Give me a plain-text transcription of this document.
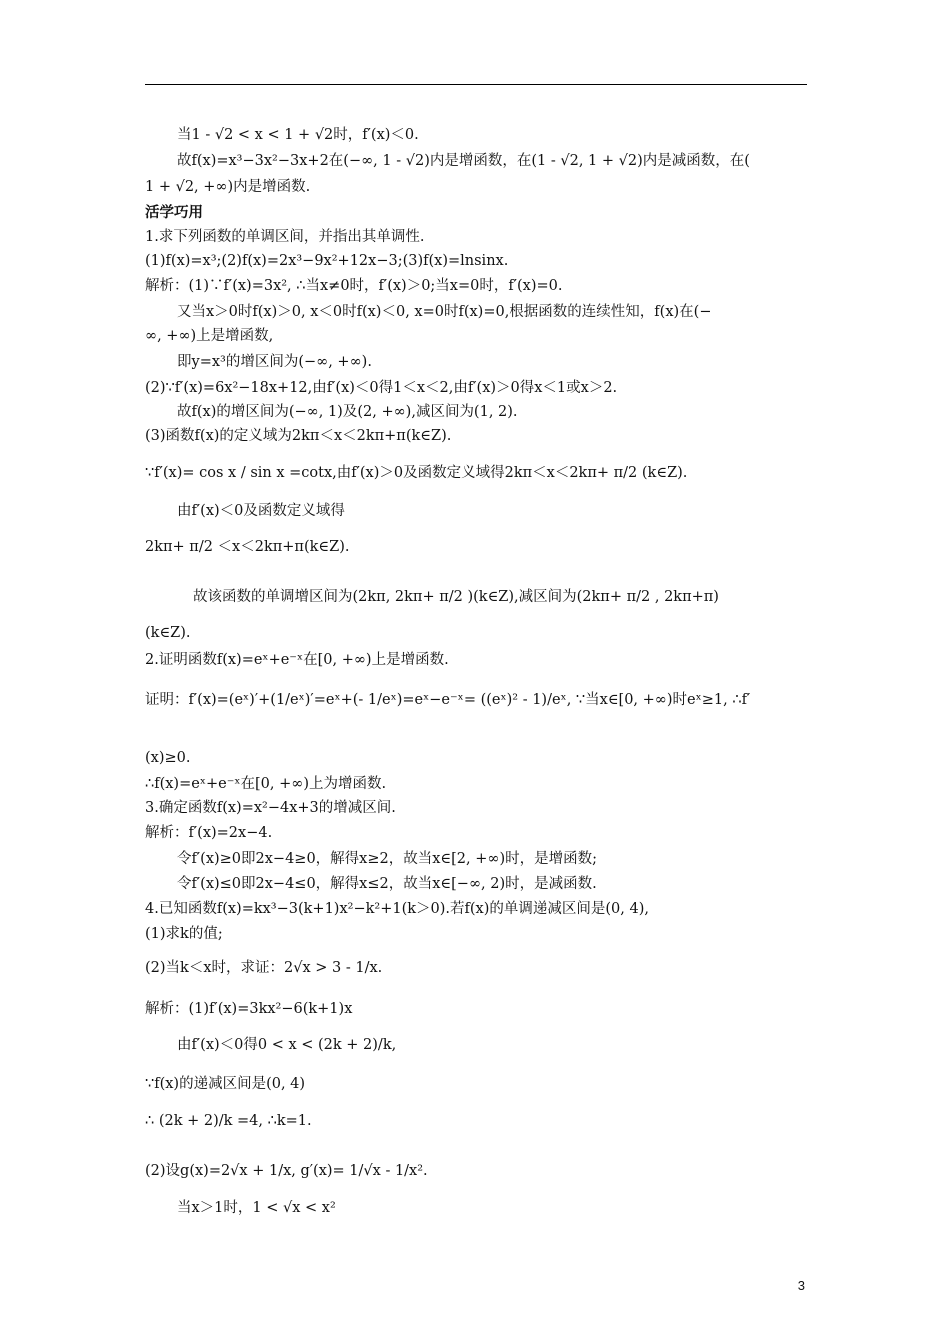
当1 - √2 < x < 1 + √2时，f′(x)＜0.
故f(x)=x³−3x²−3x+2在(−∞, 1 - √2)内是增函数，在(1 - √2, 1 + √2)内是减函数，在(
1 + √2, +∞)内是增函数.
活学巧用
1.求下列函数的单调区间，并指出其单调性.
(1)f(x)=x³;(2)f(x)=2x³−9x²+12x−3;(3)f(x)=lnsinx.
解析：(1)∵f′(x)=3x², ∴当x≠0时，f′(x)＞0;当x=0时，f′(x)=0.
又当x＞0时f(x)＞0, x＜0时f(x)＜0, x=0时f(x)=0,根据函数的连续性知，f(x)在(−
∞, +∞)上是增函数,
即y=x³的增区间为(−∞, +∞).
(2)∵f′(x)=6x²−18x+12,由f′(x)＜0得1＜x＜2,由f′(x)＞0得x＜1或x＞2.
故f(x)的增区间为(−∞, 1)及(2, +∞),减区间为(1, 2).
(3)函数f(x)的定义域为2kπ＜x＜2kπ+π(k∈Z).
∵f′(x)= cos x / sin x =cotx,由f′(x)＞0及函数定义域得2kπ＜x＜2kπ+ π/2 (k∈Z).
由f′(x)＜0及函数定义域得
2kπ+ π/2 ＜x＜2kπ+π(k∈Z).
故该函数的单调增区间为(2kπ, 2kπ+ π/2 )(k∈Z),减区间为(2kπ+ π/2 , 2kπ+π)
(k∈Z).
2.证明函数f(x)=eˣ+e⁻ˣ在[0, +∞)上是增函数.
证明：f′(x)=(eˣ)′+(1/eˣ)′=eˣ+(- 1/eˣ)=eˣ−e⁻ˣ= ((eˣ)² - 1)/eˣ, ∵当x∈[0, +∞)时eˣ≥1, ∴f′
(x)≥0.
∴f(x)=eˣ+e⁻ˣ在[0, +∞)上为增函数.
3.确定函数f(x)=x²−4x+3的增减区间.
解析：f′(x)=2x−4.
令f′(x)≥0即2x−4≥0，解得x≥2，故当x∈[2, +∞)时，是增函数;
令f′(x)≤0即2x−4≤0，解得x≤2，故当x∈[−∞, 2)时，是减函数.
4.已知函数f(x)=kx³−3(k+1)x²−k²+1(k＞0).若f(x)的单调递减区间是(0, 4),
(1)求k的值;
(2)当k＜x时，求证：2√x > 3 - 1/x.
解析：(1)f′(x)=3kx²−6(k+1)x
由f′(x)＜0得0 < x < (2k + 2)/k,
∵f(x)的递减区间是(0, 4)
∴ (2k + 2)/k =4, ∴k=1.
(2)设g(x)=2√x + 1/x, g′(x)= 1/√x - 1/x².
当x＞1时，1 < √x < x²
3
